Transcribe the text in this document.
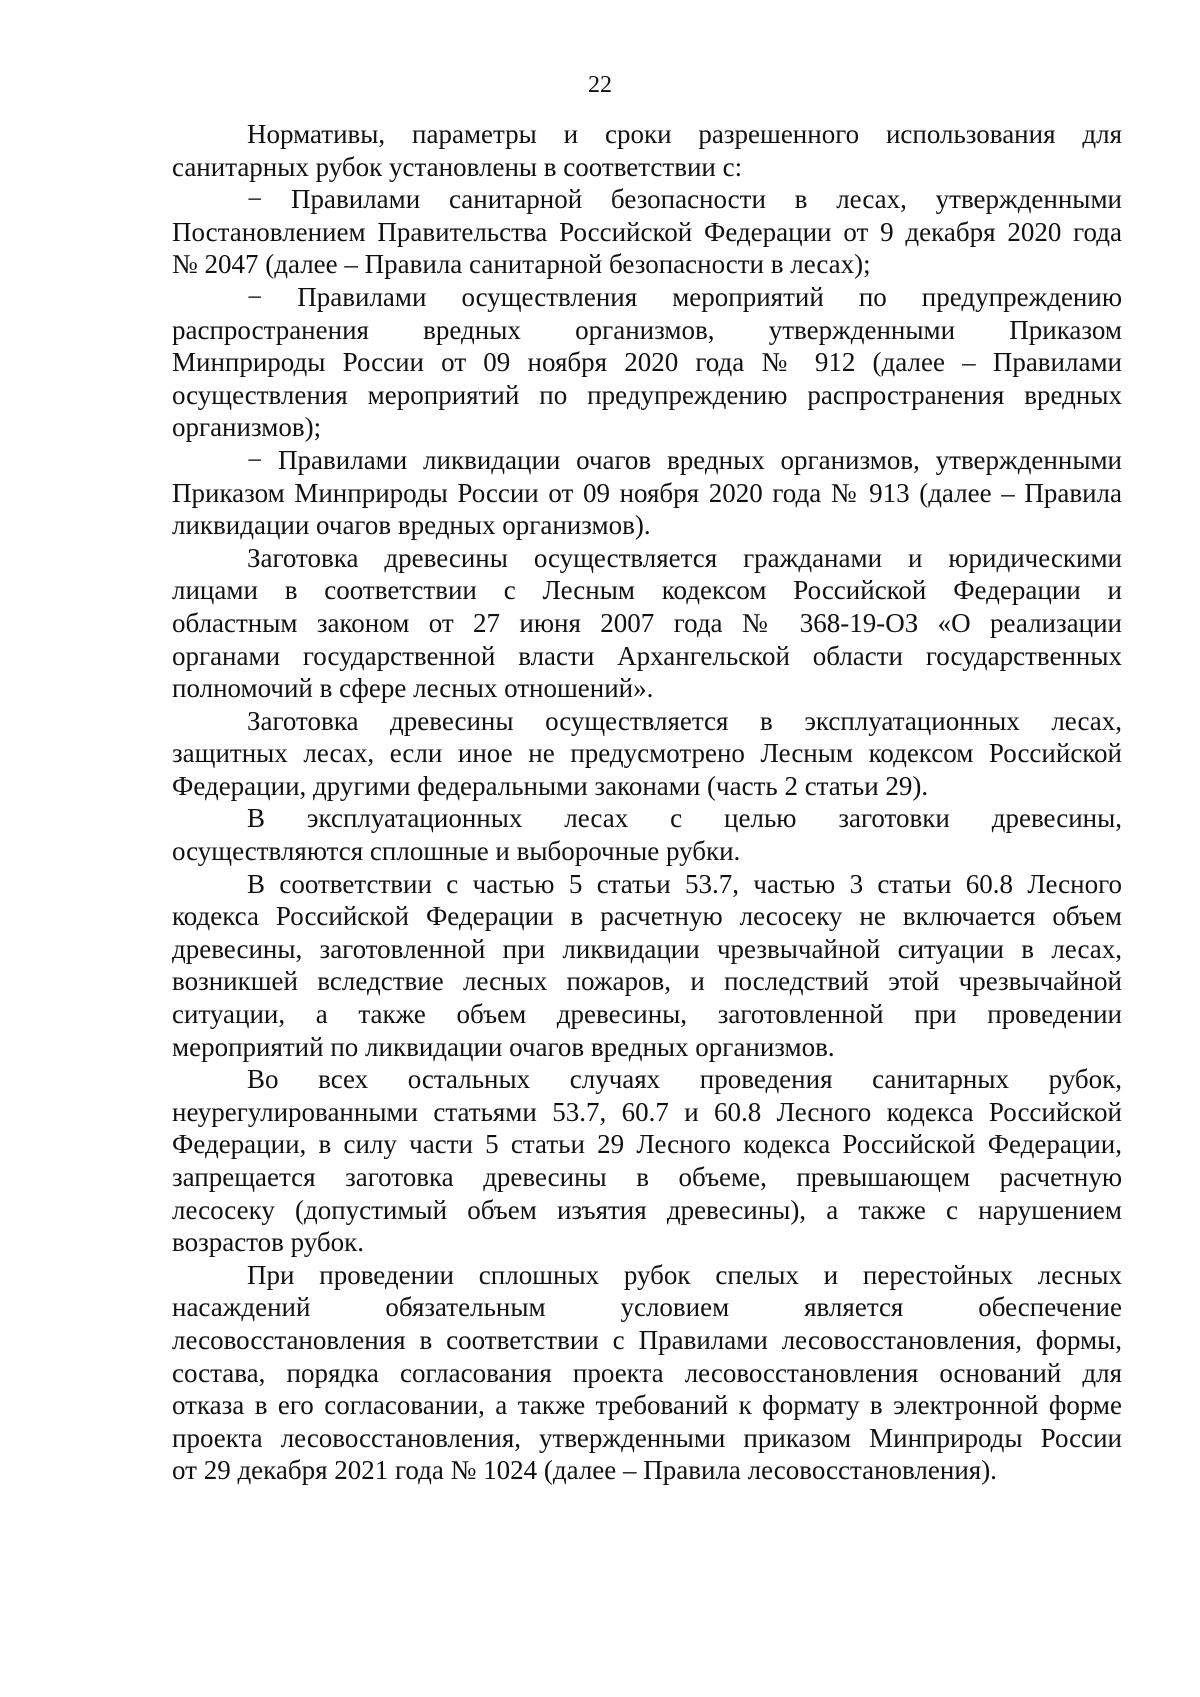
22

Нормативы, параметры и сроки разрешенного использования для
санитарных рубок установлены в соответствии с:

− Правилами санитарной безопасности в лесах, утвержденными
Постановлением Правительства Российской Федерации от 9 декабря 2020 года
№ 2047 (далее – Правила санитарной безопасности в лесах);

− Правилами осуществления мероприятий по предупреждению
распространения вредных организмов, утвержденными Приказом
Минприроды России от 09 ноября 2020 года № 912 (далее – Правилами
осуществления мероприятий по предупреждению распространения вредных
организмов);

− Правилами ликвидации очагов вредных организмов, утвержденными
Приказом Минприроды России от 09 ноября 2020 года № 913 (далее – Правила
ликвидации очагов вредных организмов).

Заготовка древесины осуществляется гражданами и юридическими
лицами в соответствии с Лесным кодексом Российской Федерации и
областным законом от 27 июня 2007 года № 368-19-ОЗ «О реализации
органами государственной власти Архангельской области государственных
полномочий в сфере лесных отношений».

Заготовка древесины осуществляется в эксплуатационных лесах,
защитных лесах, если иное не предусмотрено Лесным кодексом Российской
Федерации, другими федеральными законами (часть 2 статьи 29).

В эксплуатационных лесах с целью заготовки древесины,
осуществляются сплошные и выборочные рубки.

В соответствии с частью 5 статьи 53.7, частью 3 статьи 60.8 Лесного
кодекса Российской Федерации в расчетную лесосеку не включается объем
древесины, заготовленной при ликвидации чрезвычайной ситуации в лесах,
возникшей вследствие лесных пожаров, и последствий этой чрезвычайной
ситуации, а также объем древесины, заготовленной при проведении
мероприятий по ликвидации очагов вредных организмов.

Во всех остальных случаях проведения санитарных рубок,
неурегулированными статьями 53.7, 60.7 и 60.8 Лесного кодекса Российской
Федерации, в силу части 5 статьи 29 Лесного кодекса Российской Федерации,
запрещается заготовка древесины в объеме, превышающем расчетную
лесосеку (допустимый объем изъятия древесины), а также с нарушением
возрастов рубок.

При проведении сплошных рубок спелых и перестойных лесных
насаждений обязательным условием является обеспечение
лесовосстановления в соответствии с Правилами лесовосстановления, формы,
состава, порядка согласования проекта лесовосстановления оснований для
отказа в его согласовании, а также требований к формату в электронной форме
проекта лесовосстановления, утвержденными приказом Минприроды России
от 29 декабря 2021 года № 1024 (далее – Правила лесовосстановления).
